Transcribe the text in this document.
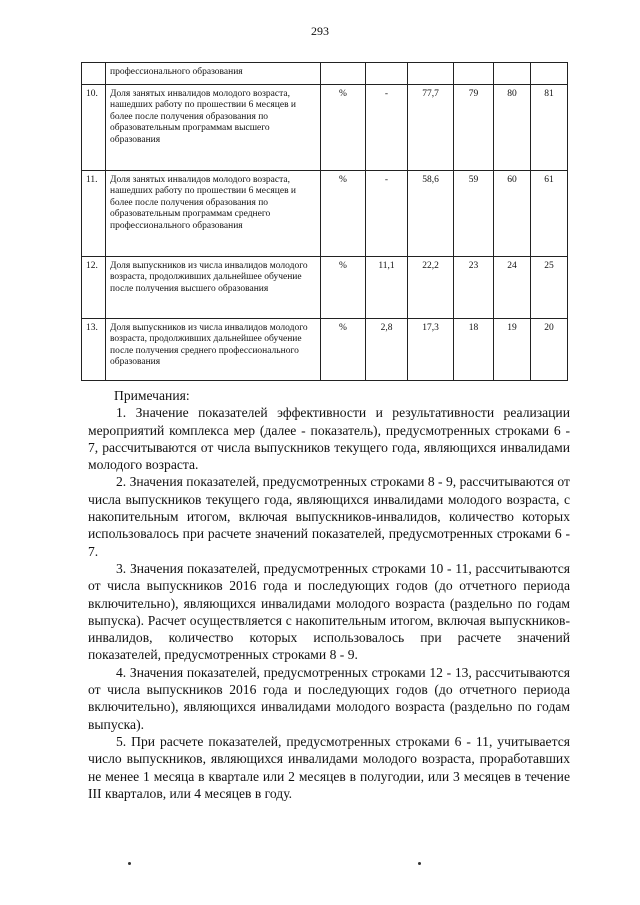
293
	профессионального образования						
10.	Доля занятых инвалидов молодого возраста, нашедших работу по прошествии 6 месяцев и более после получения образования по образовательным программам высшего образования	%	-	77,7	79	80	81
11.	Доля занятых инвалидов молодого возраста, нашедших работу по прошествии 6 месяцев и более после получения образования по образовательным программам среднего профессионального образования	%	-	58,6	59	60	61
12.	Доля выпускников из числа инвалидов молодого возраста, продолживших дальнейшее обучение после получения высшего образования	%	11,1	22,2	23	24	25
13.	Доля выпускников из числа инвалидов молодого возраста, продолживших дальнейшее обучение после получения среднего профессионального образования	%	2,8	17,3	18	19	20

Примечания:

1. Значение показателей эффективности и результативности реализации мероприятий комплекса мер (далее - показатель), предусмотренных строками 6 - 7, рассчитываются от числа выпускников текущего года, являющихся инвалидами молодого возраста.

2. Значения показателей, предусмотренных строками 8 - 9, рассчитываются от числа выпускников текущего года, являющихся инвалидами молодого возраста, с накопительным итогом, включая выпускников-инвалидов, количество которых использовалось при расчете значений показателей, предусмотренных строками 6 - 7.

3. Значения показателей, предусмотренных строками 10 - 11, рассчитываются от числа выпускников 2016 года и последующих годов (до отчетного периода включительно), являющихся инвалидами молодого возраста (раздельно по годам выпуска). Расчет осуществляется с накопительным итогом, включая выпускников-инвалидов, количество которых использовалось при расчете значений показателей, предусмотренных строками 8 - 9.

4. Значения показателей, предусмотренных строками 12 - 13, рассчитываются от числа выпускников 2016 года и последующих годов (до отчетного периода включительно), являющихся инвалидами молодого возраста (раздельно по годам выпуска).

5. При расчете показателей, предусмотренных строками 6 - 11, учитывается число выпускников, являющихся инвалидами молодого возраста, проработавших не менее 1 месяца в квартале или 2 месяцев в полугодии, или 3 месяцев в течение III кварталов, или 4 месяцев в году.
